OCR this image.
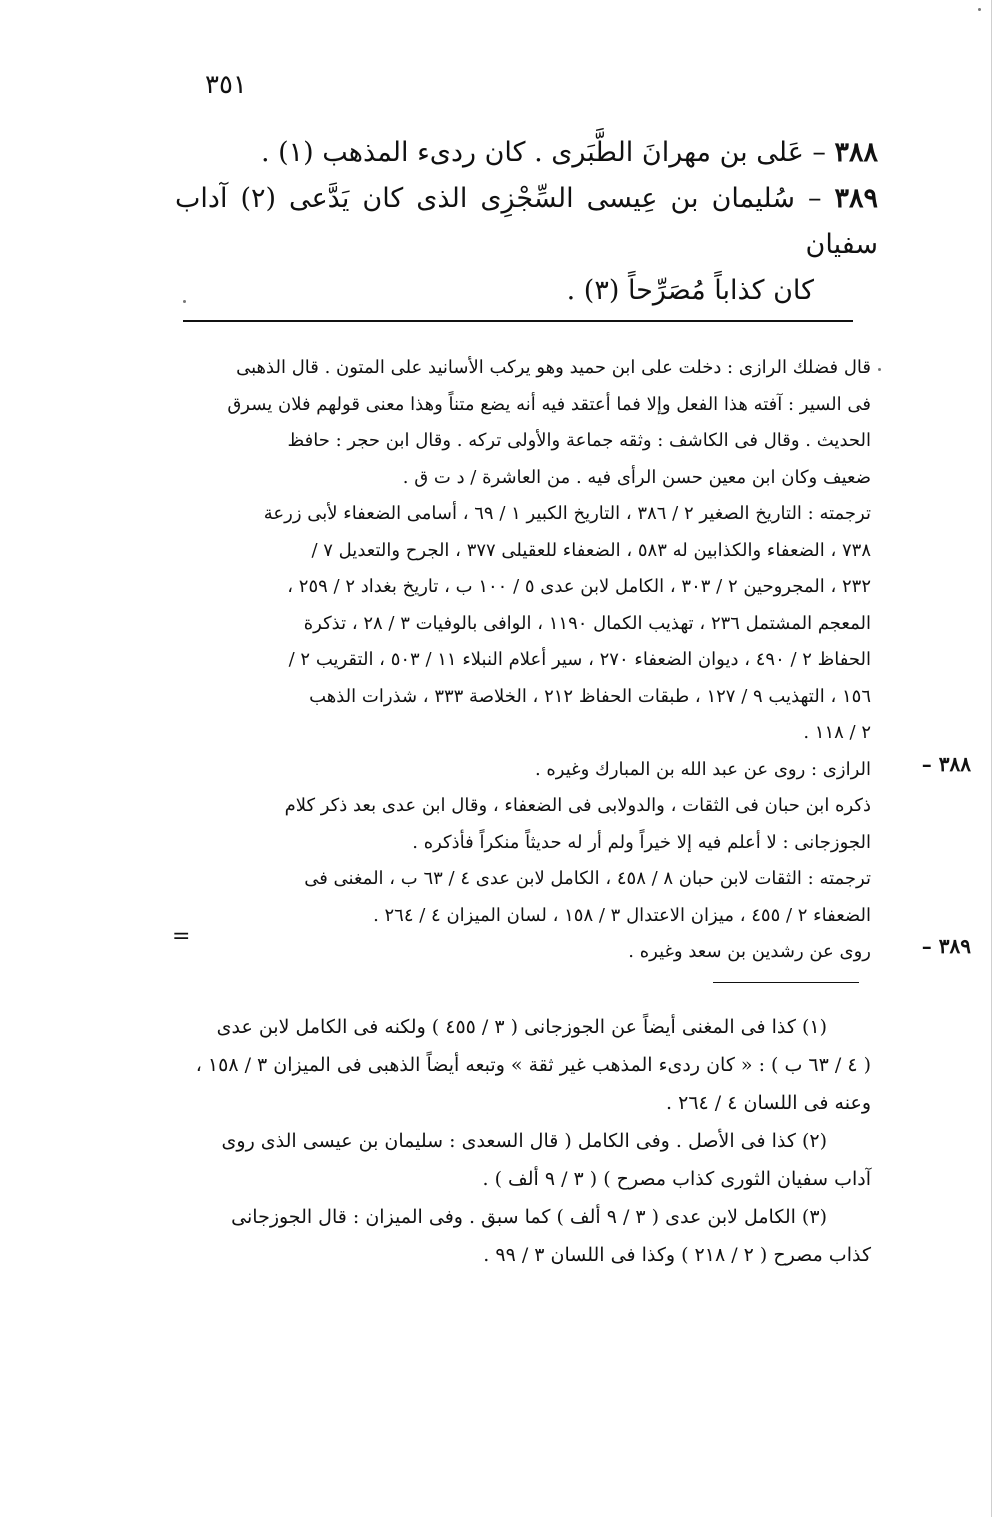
٣٥١

٣٨٨ – عَلى بن مهرانَ الطَّبَرى . كان ردىء المذهب (١) .

٣٨٩ – سُليمان بن عِيسى السِّجْزِى الذى كان يَدَّعى (٢) آداب سفيان

كان كذاباً مُصَرِّحاً (٣) .

قال فضلك الرازى : دخلت على ابن حميد وهو يركب الأسانيد على المتون . قال الذهبى

فى السير : آفته هذا الفعل وإلا فما أعتقد فيه أنه يضع متناً وهذا معنى قولهم فلان يسرق

الحديث . وقال فى الكاشف : وثقه جماعة والأولى تركه . وقال ابن حجر : حافظ

ضعيف وكان ابن معين حسن الرأى فيه . من العاشرة / د ت ق .

ترجمته : التاريخ الصغير ٢ / ٣٨٦ ، التاريخ الكبير ١ / ٦٩ ، أسامى الضعفاء لأبى زرعة

٧٣٨ ، الضعفاء والكذابين له ٥٨٣ ، الضعفاء للعقيلى ٣٧٧ ، الجرح والتعديل ٧ /

٢٣٢ ، المجروحين ٢ / ٣٠٣ ، الكامل لابن عدى ٥ / ١٠٠ ب ، تاريخ بغداد ٢ / ٢٥٩ ،

المعجم المشتمل ٢٣٦ ، تهذيب الكمال ١١٩٠ ، الوافى بالوفيات ٣ / ٢٨ ، تذكرة

الحفاظ ٢ / ٤٩٠ ، ديوان الضعفاء ٢٧٠ ، سير أعلام النبلاء ١١ / ٥٠٣ ، التقريب ٢ /

١٥٦ ، التهذيب ٩ / ١٢٧ ، طبقات الحفاظ ٢١٢ ، الخلاصة ٣٣٣ ، شذرات الذهب

٢ / ١١٨ .

٣٨٨ –

الرازى : روى عن عبد الله بن المبارك وغيره .

ذكره ابن حبان فى الثقات ، والدولابى فى الضعفاء ، وقال ابن عدى بعد ذكر كلام

الجوزجانى : لا أعلم فيه إلا خيراً ولم أر له حديثاً منكراً فأذكره .

ترجمته : الثقات لابن حبان ٨ / ٤٥٨ ، الكامل لابن عدى ٤ / ٦٣ ب ، المغنى فى

الضعفاء ٢ / ٤٥٥ ، ميزان الاعتدال ٣ / ١٥٨ ، لسان الميزان ٤ / ٢٦٤ .

٣٨٩ –

روى عن رشدين بن سعد وغيره .

=

(١) كذا فى المغنى أيضاً عن الجوزجانى ( ٣ / ٤٥٥ ) ولكنه فى الكامل لابن عدى

( ٤ / ٦٣ ب ) : « كان ردىء المذهب غير ثقة » وتبعه أيضاً الذهبى فى الميزان ٣ / ١٥٨ ،

وعنه فى اللسان ٤ / ٢٦٤ .

(٢) كذا فى الأصل . وفى الكامل ( قال السعدى : سليمان بن عيسى الذى روى

آداب سفيان الثورى كذاب مصرح ) ( ٣ / ٩ ألف ) .

(٣) الكامل لابن عدى ( ٣ / ٩ ألف ) كما سبق . وفى الميزان : قال الجوزجانى

كذاب مصرح ( ٢ / ٢١٨ ) وكذا فى اللسان ٣ / ٩٩ .
